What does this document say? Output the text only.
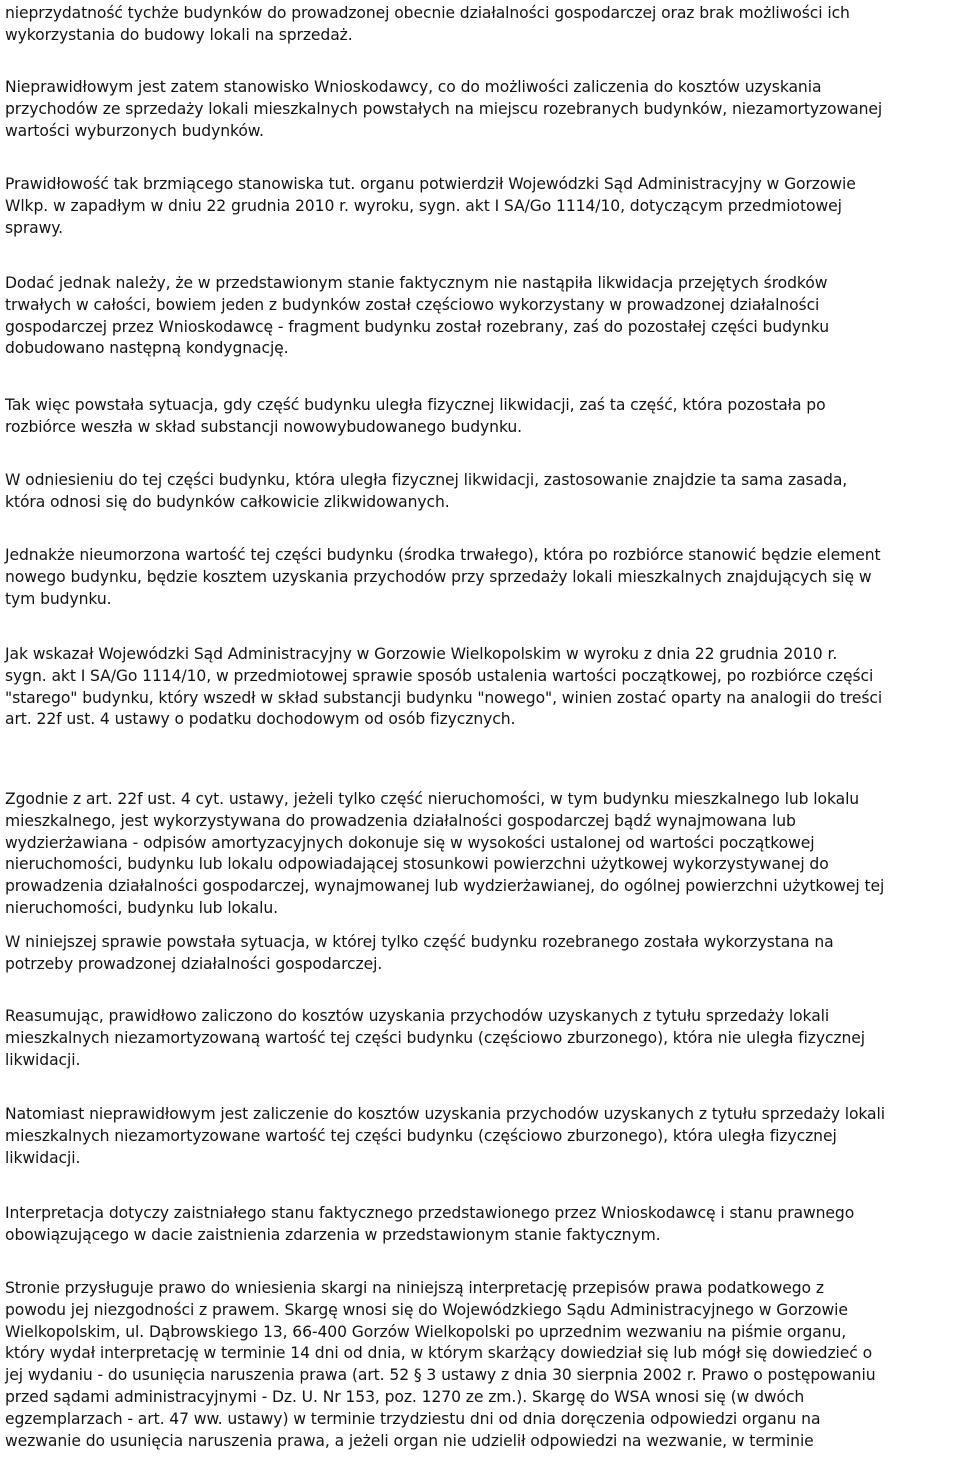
nieprzydatność tychże budynków do prowadzonej obecnie działalności gospodarczej oraz brak możliwości ich
wykorzystania do budowy lokali na sprzedaż.
Nieprawidłowym jest zatem stanowisko Wnioskodawcy, co do możliwości zaliczenia do kosztów uzyskania
przychodów ze sprzedaży lokali mieszkalnych powstałych na miejscu rozebranych budynków, niezamortyzowanej
wartości wyburzonych budynków.
Prawidłowość tak brzmiącego stanowiska tut. organu potwierdził Wojewódzki Sąd Administracyjny w Gorzowie
Wlkp. w zapadłym w dniu 22 grudnia 2010 r. wyroku, sygn. akt I SA/Go 1114/10, dotyczącym przedmiotowej
sprawy.
Dodać jednak należy, że w przedstawionym stanie faktycznym nie nastąpiła likwidacja przejętych środków
trwałych w całości, bowiem jeden z budynków został częściowo wykorzystany w prowadzonej działalności
gospodarczej przez Wnioskodawcę - fragment budynku został rozebrany, zaś do pozostałej części budynku
dobudowano następną kondygnację.
Tak więc powstała sytuacja, gdy część budynku uległa fizycznej likwidacji, zaś ta część, która pozostała po
rozbiórce weszła w skład substancji nowowybudowanego budynku.
W odniesieniu do tej części budynku, która uległa fizycznej likwidacji, zastosowanie znajdzie ta sama zasada,
która odnosi się do budynków całkowicie zlikwidowanych.
Jednakże nieumorzona wartość tej części budynku (środka trwałego), która po rozbiórce stanowić będzie element
nowego budynku, będzie kosztem uzyskania przychodów przy sprzedaży lokali mieszkalnych znajdujących się w
tym budynku.
Jak wskazał Wojewódzki Sąd Administracyjny w Gorzowie Wielkopolskim w wyroku z dnia 22 grudnia 2010 r.
sygn. akt I SA/Go 1114/10, w przedmiotowej sprawie sposób ustalenia wartości początkowej, po rozbiórce części
"starego" budynku, który wszedł w skład substancji budynku "nowego", winien zostać oparty na analogii do treści
art. 22f ust. 4 ustawy o podatku dochodowym od osób fizycznych.
Zgodnie z art. 22f ust. 4 cyt. ustawy, jeżeli tylko część nieruchomości, w tym budynku mieszkalnego lub lokalu
mieszkalnego, jest wykorzystywana do prowadzenia działalności gospodarczej bądź wynajmowana lub
wydzierżawiana - odpisów amortyzacyjnych dokonuje się w wysokości ustalonej od wartości początkowej
nieruchomości, budynku lub lokalu odpowiadającej stosunkowi powierzchni użytkowej wykorzystywanej do
prowadzenia działalności gospodarczej, wynajmowanej lub wydzierżawianej, do ogólnej powierzchni użytkowej tej
nieruchomości, budynku lub lokalu.
W niniejszej sprawie powstała sytuacja, w której tylko część budynku rozebranego została wykorzystana na
potrzeby prowadzonej działalności gospodarczej.
Reasumując, prawidłowo zaliczono do kosztów uzyskania przychodów uzyskanych z tytułu sprzedaży lokali
mieszkalnych niezamortyzowaną wartość tej części budynku (częściowo zburzonego), która nie uległa fizycznej
likwidacji.
Natomiast nieprawidłowym jest zaliczenie do kosztów uzyskania przychodów uzyskanych z tytułu sprzedaży lokali
mieszkalnych niezamortyzowane wartość tej części budynku (częściowo zburzonego), która uległa fizycznej
likwidacji.
Interpretacja dotyczy zaistniałego stanu faktycznego przedstawionego przez Wnioskodawcę i stanu prawnego
obowiązującego w dacie zaistnienia zdarzenia w przedstawionym stanie faktycznym.
Stronie przysługuje prawo do wniesienia skargi na niniejszą interpretację przepisów prawa podatkowego z
powodu jej niezgodności z prawem. Skargę wnosi się do Wojewódzkiego Sądu Administracyjnego w Gorzowie
Wielkopolskim, ul. Dąbrowskiego 13, 66-400 Gorzów Wielkopolski po uprzednim wezwaniu na piśmie organu,
który wydał interpretację w terminie 14 dni od dnia, w którym skarżący dowiedział się lub mógł się dowiedzieć o
jej wydaniu - do usunięcia naruszenia prawa (art. 52 § 3 ustawy z dnia 30 sierpnia 2002 r. Prawo o postępowaniu
przed sądami administracyjnymi - Dz. U. Nr 153, poz. 1270 ze zm.). Skargę do WSA wnosi się (w dwóch
egzemplarzach - art. 47 ww. ustawy) w terminie trzydziestu dni od dnia doręczenia odpowiedzi organu na
wezwanie do usunięcia naruszenia prawa, a jeżeli organ nie udzielił odpowiedzi na wezwanie, w terminie
